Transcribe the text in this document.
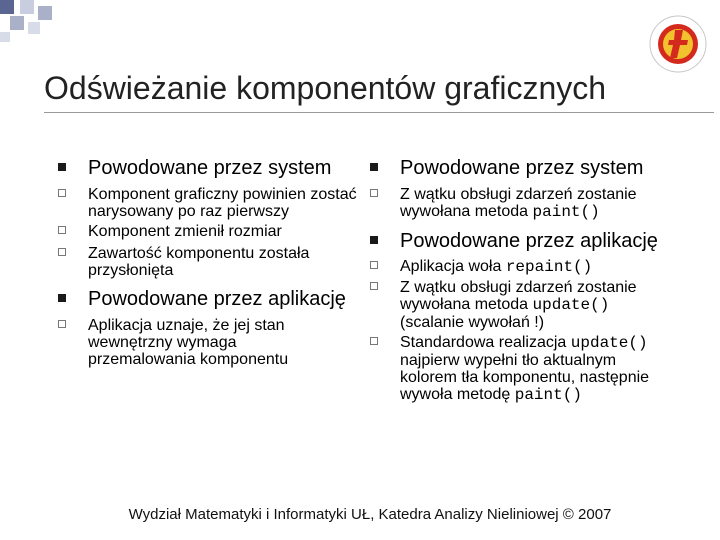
Odświeżanie komponentów graficznych
Powodowane przez system
Komponent graficzny powinien zostać narysowany po raz pierwszy
Komponent zmienił rozmiar
Zawartość komponentu została przysłonięta
Powodowane przez aplikację
Aplikacja uznaje, że jej stan wewnętrzny wymaga przemalowania komponentu
Powodowane przez system
Z wątku obsługi zdarzeń zostanie wywołana metoda paint()
Powodowane przez aplikację
Aplikacja woła repaint()
Z wątku obsługi zdarzeń zostanie wywołana metoda update() (scalanie wywołań !)
Standardowa realizacja update() najpierw wypełni tło aktualnym kolorem tła komponentu, następnie wywoła metodę paint()
Wydział Matematyki i Informatyki UŁ, Katedra Analizy Nieliniowej © 2007
